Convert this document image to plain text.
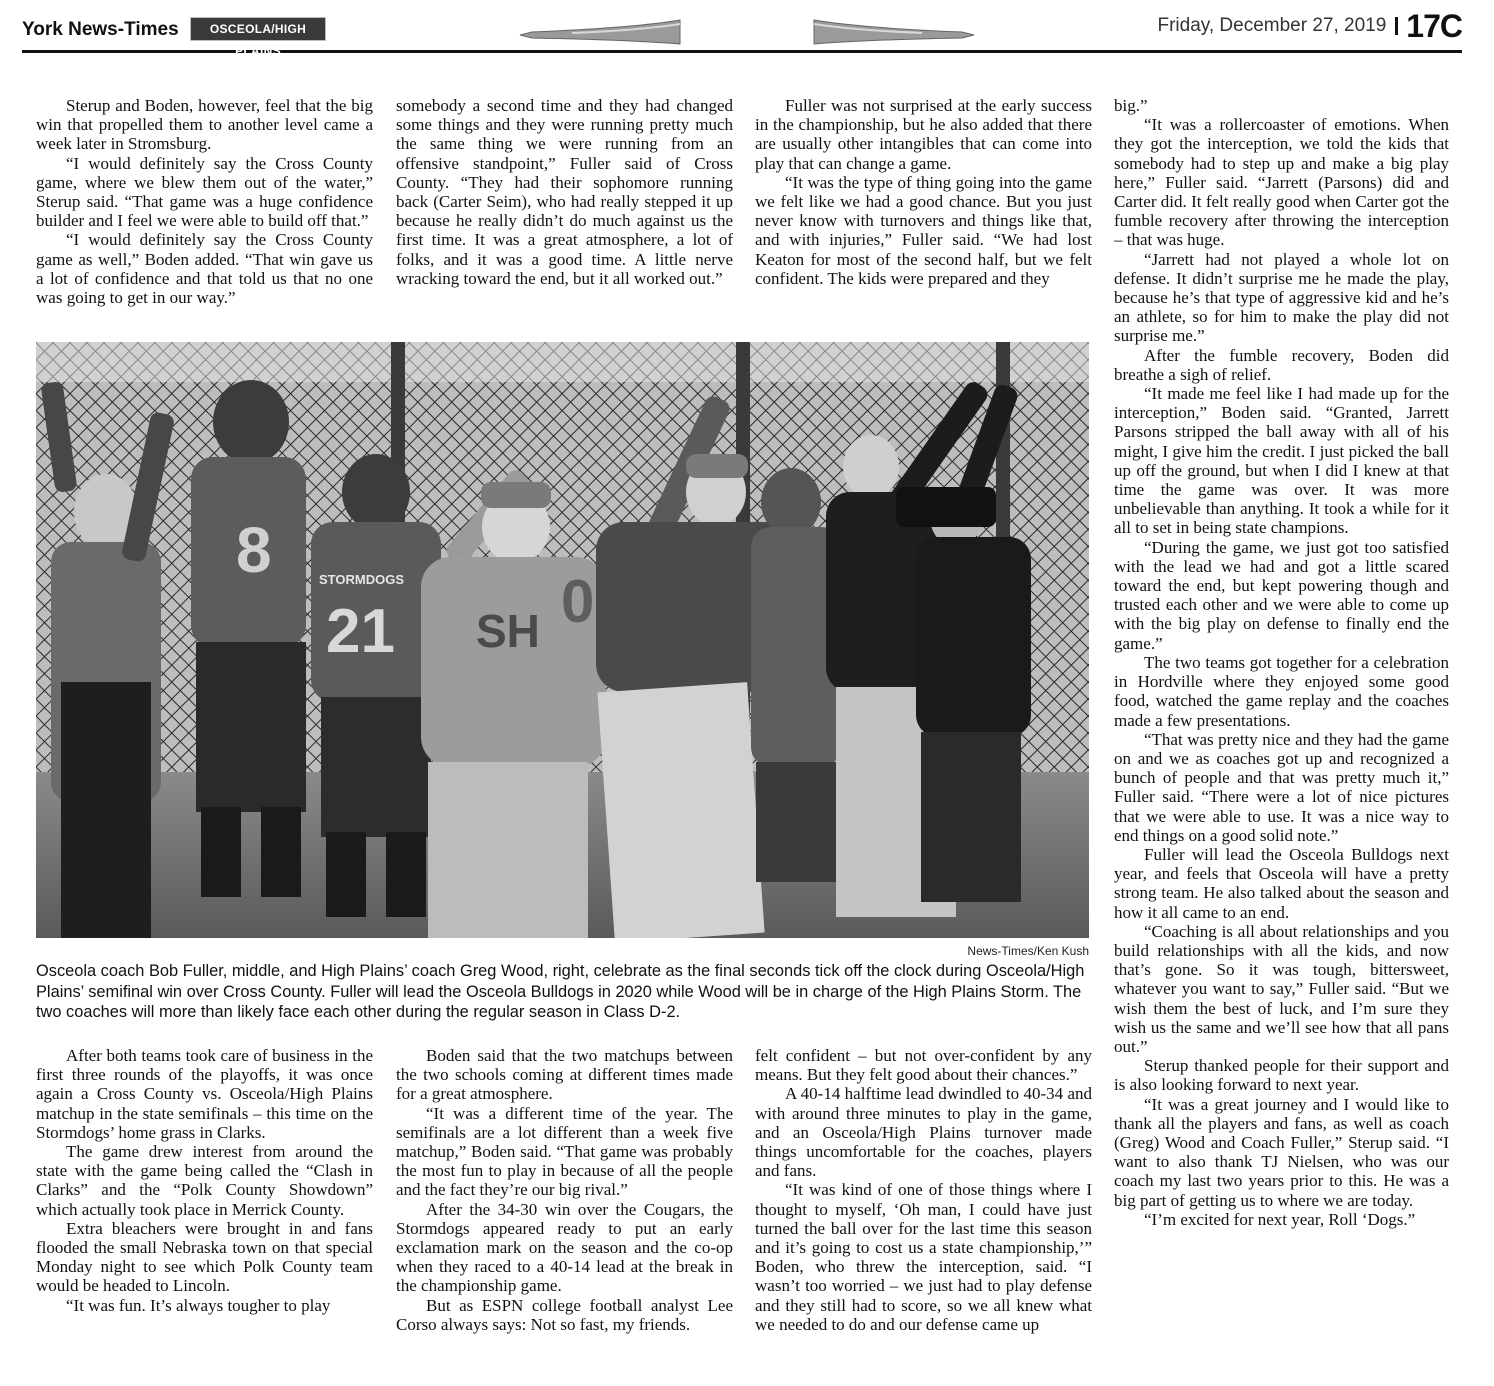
York News-Times	OSCEOLA/HIGH PLAINS
Friday, December 27, 2019 17C

Sterup and Boden, however, feel that the big win that propelled them to another level came a week later in Stromsburg.

“I would definitely say the Cross County game, where we blew them out of the water,” Sterup said. “That game was a huge confidence builder and I feel we were able to build off that.”

“I would definitely say the Cross County game as well,” Boden added. “That win gave us a lot of confidence and that told us that no one was going to get in our way.”

somebody a second time and they had changed some things and they were running pretty much the same thing we were running from an offensive standpoint,” Fuller said of Cross County. “They had their sophomore running back (Carter Seim), who had really stepped it up because he really didn’t do much against us the first time. It was a great atmosphere, a lot of folks, and it was a good time. A little nerve wracking toward the end, but it all worked out.”

Fuller was not surprised at the early success in the championship, but he also added that there are usually other intangibles that can come into play that can change a game.

“It was the type of thing going into the game we felt like we had a good chance. But you just never know with turnovers and things like that, and with injuries,” Fuller said. “We had lost Keaton for most of the second half, but we felt confident. The kids were prepared and they

big.”

“It was a rollercoaster of emotions. When they got the interception, we told the kids that somebody had to step up and make a big play here,” Fuller said. “Jarrett (Parsons) did and Carter did. It felt really good when Carter got the fumble recovery after throwing the interception – that was huge.

“Jarrett had not played a whole lot on defense. It didn’t surprise me he made the play, because he’s that type of aggressive kid and he’s an athlete, so for him to make the play did not surprise me.”

After the fumble recovery, Boden did breathe a sigh of relief.

“It made me feel like I had made up for the interception,” Boden said. “Granted, Jarrett Parsons stripped the ball away with all of his might, I give him the credit. I just picked the ball up off the ground, but when I did I knew at that time the game was over. It was more unbelievable than anything. It took a while for it all to set in being state champions.

“During the game, we just got too satisfied with the lead we had and got a little scared toward the end, but kept powering though and trusted each other and we were able to come up with the big play on defense to finally end the game.”

The two teams got together for a celebration in Hordville where they enjoyed some good food, watched the game replay and the coaches made a few presentations.

“That was pretty nice and they had the game on and we as coaches got up and recognized a bunch of people and that was pretty much it,” Fuller said. “There were a lot of nice pictures that we were able to use. It was a nice way to end things on a good solid note.”

Fuller will lead the Osceola Bulldogs next year, and feels that Osceola will have a pretty strong team. He also talked about the season and how it all came to an end.

“Coaching is all about relationships and you build relationships with all the kids, and now that’s gone. So it was tough, bittersweet, whatever you want to say,” Fuller said. “But we wish them the best of luck, and I’m sure they wish us the same and we’ll see how that all pans out.”

Sterup thanked people for their support and is also looking forward to next year.

“It was a great journey and I would like to thank all the players and fans, as well as coach (Greg) Wood and Coach Fuller,” Sterup said. “I want to also thank TJ Nielsen, who was our coach my last two years prior to this. He was a big part of getting us to where we are today.

“I’m excited for next year, Roll ‘Dogs.”

8	STORMDOGS
21 SH 0
News-Times/Ken Kush
Osceola coach Bob Fuller, middle, and High Plains’ coach Greg Wood, right, celebrate as the final seconds tick off the clock during Osceola/High Plains’ semifinal win over Cross County. Fuller will lead the Osceola Bulldogs in 2020 while Wood will be in charge of the High Plains Storm. The two coaches will more than likely face each other during the regular season in Class D-2.

After both teams took care of business in the first three rounds of the playoffs, it was once again a Cross County vs. Osceola/High Plains matchup in the state semifinals – this time on the Stormdogs’ home grass in Clarks.

The game drew interest from around the state with the game being called the “Clash in Clarks” and the “Polk County Showdown” which actually took place in Merrick County.

Extra bleachers were brought in and fans flooded the small Nebraska town on that special Monday night to see which Polk County team would be headed to Lincoln.

“It was fun. It’s always tougher to play

Boden said that the two matchups between the two schools coming at different times made for a great atmosphere.

“It was a different time of the year. The semifinals are a lot different than a week five matchup,” Boden said. “That game was probably the most fun to play in because of all the people and the fact they’re our big rival.”

After the 34-30 win over the Cougars, the Stormdogs appeared ready to put an early exclamation mark on the season and the co-op when they raced to a 40-14 lead at the break in the championship game.

But as ESPN college football analyst Lee Corso always says: Not so fast, my friends.

felt confident – but not over-confident by any means. But they felt good about their chances.”

A 40-14 halftime lead dwindled to 40-34 and with around three minutes to play in the game, and an Osceola/High Plains turnover made things uncomfortable for the coaches, players and fans.

“It was kind of one of those things where I thought to myself, ‘Oh man, I could have just turned the ball over for the last time this season and it’s going to cost us a state championship,’” Boden, who threw the interception, said. “I wasn’t too worried – we just had to play defense and they still had to score, so we all knew what we needed to do and our defense came up
